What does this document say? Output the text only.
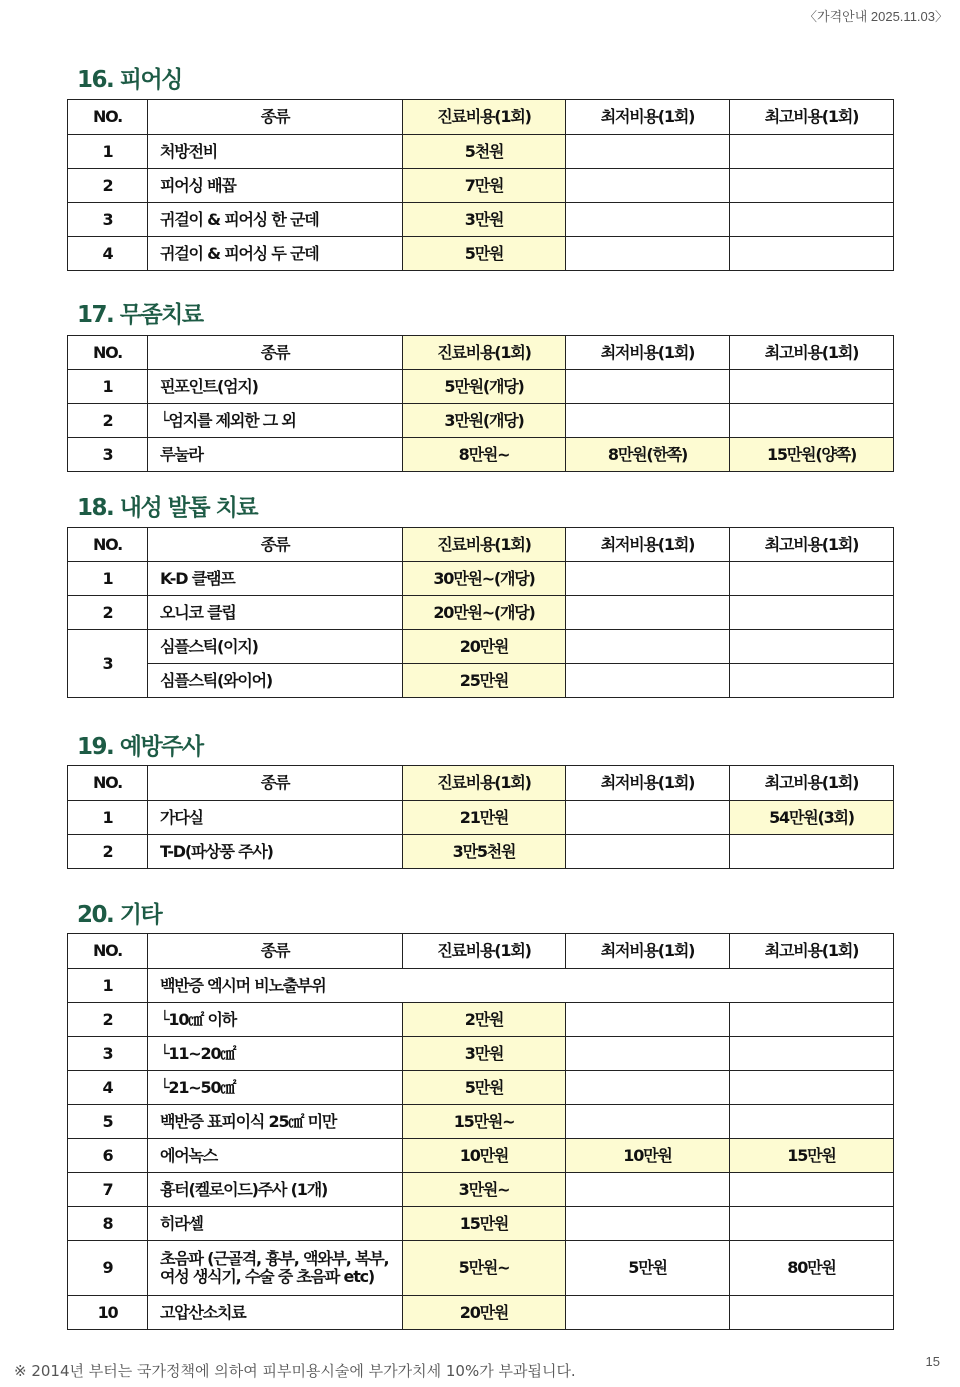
〈가격안내 2025.11.03〉
16. 피어싱
NO.	종류	진료비용(1회)	최저비용(1회)	최고비용(1회)
1	처방전비	5천원		
2	피어싱 배꼽	7만원		
3	귀걸이 & 피어싱 한 군데	3만원		
4	귀걸이 & 피어싱 두 군데	5만원		
17. 무좀치료
NO.	종류	진료비용(1회)	최저비용(1회)	최고비용(1회)
1	핀포인트(엄지)	5만원(개당)		
2	└엄지를 제외한 그 외	3만원(개당)		
3	루눌라	8만원~	8만원(한쪽)	15만원(양쪽)
18. 내성 발톱 치료
NO.	종류	진료비용(1회)	최저비용(1회)	최고비용(1회)
1	K-D 클램프	30만원~(개당)		
2	오니코 클립	20만원~(개당)		
3	심플스틱(이지)	20만원		
	심플스틱(와이어)	25만원		
19. 예방주사
NO.	종류	진료비용(1회)	최저비용(1회)	최고비용(1회)
1	가다실	21만원		54만원(3회)
2	T-D(파상풍 주사)	3만5천원		
20. 기타
NO.	종류	진료비용(1회)	최저비용(1회)	최고비용(1회)
1	백반증 엑시머 비노출부위			
2	└10㎠ 이하	2만원		
3	└11~20㎠	3만원		
4	└21~50㎠	5만원		
5	백반증 표피이식 25㎠ 미만	15만원~		
6	에어녹스	10만원	10만원	15만원
7	흉터(켈로이드)주사 (1개)	3만원~		
8	히라셀	15만원		
9	초음파 (근골격, 흉부, 액와부, 복부, 여성 생식기, 수술 중 초음파 etc)	5만원~	5만원	80만원
10	고압산소치료	20만원		
※ 2014년 부터는 국가정책에 의하여 피부미용시술에 부가가치세 10%가 부과됩니다.
15
